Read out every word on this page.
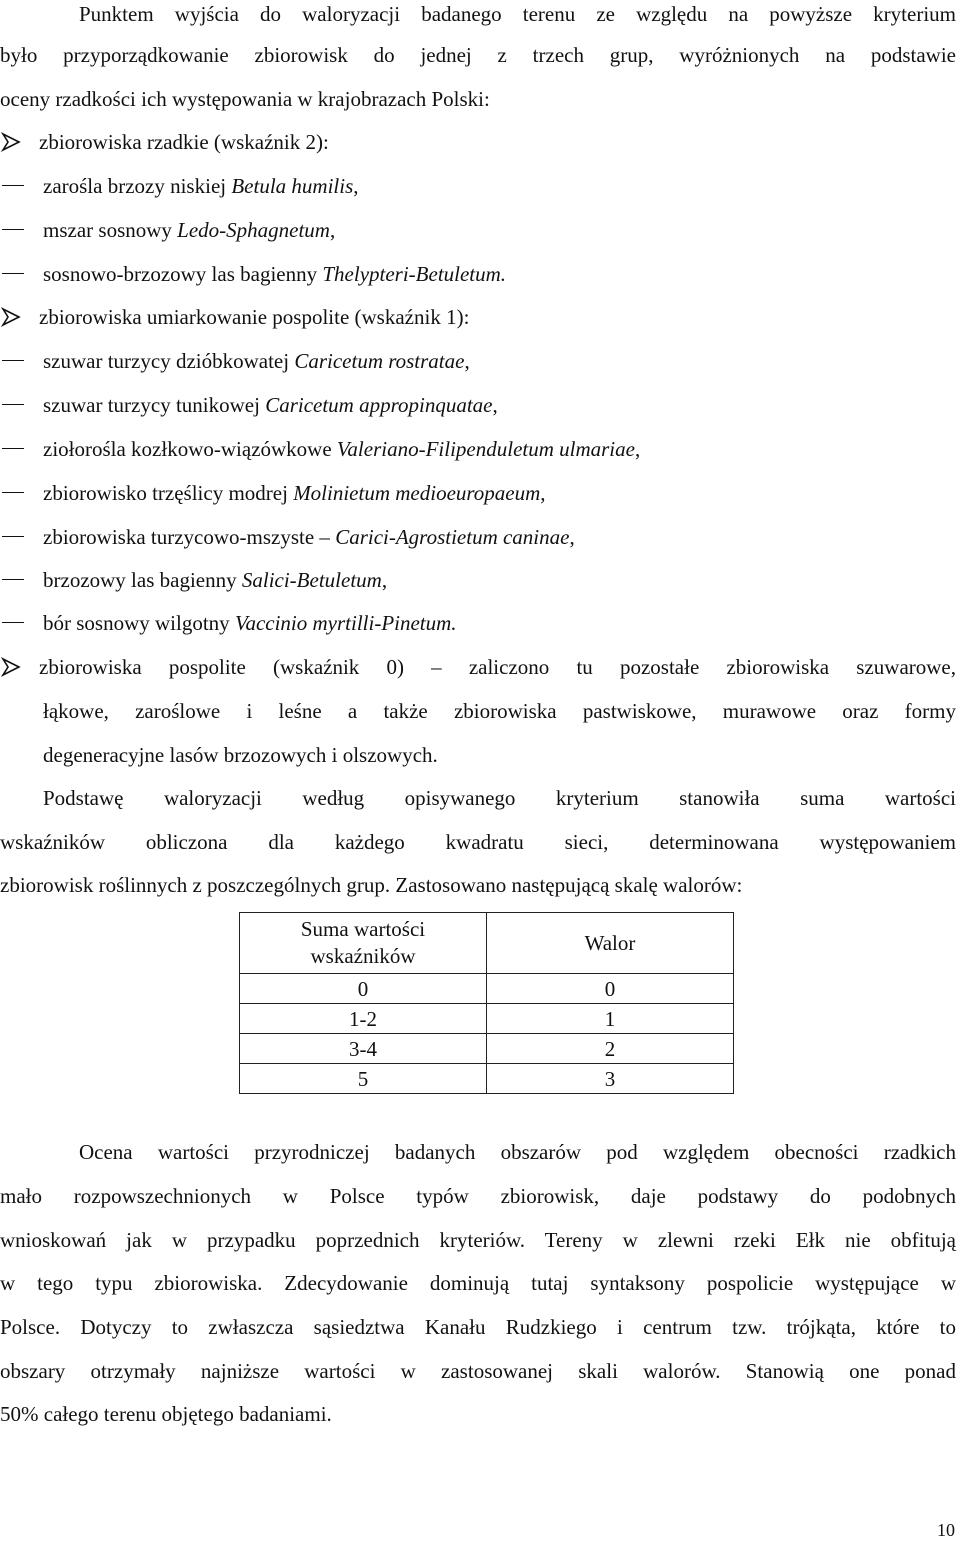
Punktem wyjścia do waloryzacji badanego terenu ze względu na powyższe kryterium
było przyporządkowanie zbiorowisk do jednej z trzech grup, wyróżnionych na podstawie
oceny rzadkości ich występowania w krajobrazach Polski:
zbiorowiska rzadkie (wskaźnik 2):
zarośla brzozy niskiej Betula humilis,
mszar sosnowy Ledo-Sphagnetum,
sosnowo-brzozowy las bagienny Thelypteri-Betuletum.
zbiorowiska umiarkowanie pospolite (wskaźnik 1):
szuwar turzycy dzióbkowatej Caricetum rostratae,
szuwar turzycy tunikowej Caricetum appropinquatae,
ziołorośla kozłkowo-wiązówkowe Valeriano-Filipenduletum ulmariae,
zbiorowisko trzęślicy modrej Molinietum medioeuropaeum,
zbiorowiska turzycowo-mszyste – Carici-Agrostietum caninae,
brzozowy las bagienny Salici-Betuletum,
bór sosnowy wilgotny Vaccinio myrtilli-Pinetum.
zbiorowiska pospolite (wskaźnik 0) – zaliczono tu pozostałe zbiorowiska szuwarowe,
łąkowe, zaroślowe i leśne a także zbiorowiska pastwiskowe, murawowe oraz formy
degeneracyjne lasów brzozowych i olszowych.
Podstawę waloryzacji według opisywanego kryterium stanowiła suma wartości
wskaźników obliczona dla każdego kwadratu sieci, determinowana występowaniem
zbiorowisk roślinnych z poszczególnych grup. Zastosowano następującą skalę walorów:
Suma wartości
wskaźników	Walor
0	0
1-2	1
3-4	2
5	3
Ocena wartości przyrodniczej badanych obszarów pod względem obecności rzadkich
mało rozpowszechnionych w Polsce typów zbiorowisk, daje podstawy do podobnych
wnioskowań jak w przypadku poprzednich kryteriów. Tereny w zlewni rzeki Ełk nie obfitują
w tego typu zbiorowiska. Zdecydowanie dominują tutaj syntaksony pospolicie występujące w
Polsce. Dotyczy to zwłaszcza sąsiedztwa Kanału Rudzkiego i centrum tzw. trójkąta, które to
obszary otrzymały najniższe wartości w zastosowanej skali walorów. Stanowią one ponad
50% całego terenu objętego badaniami.
10
